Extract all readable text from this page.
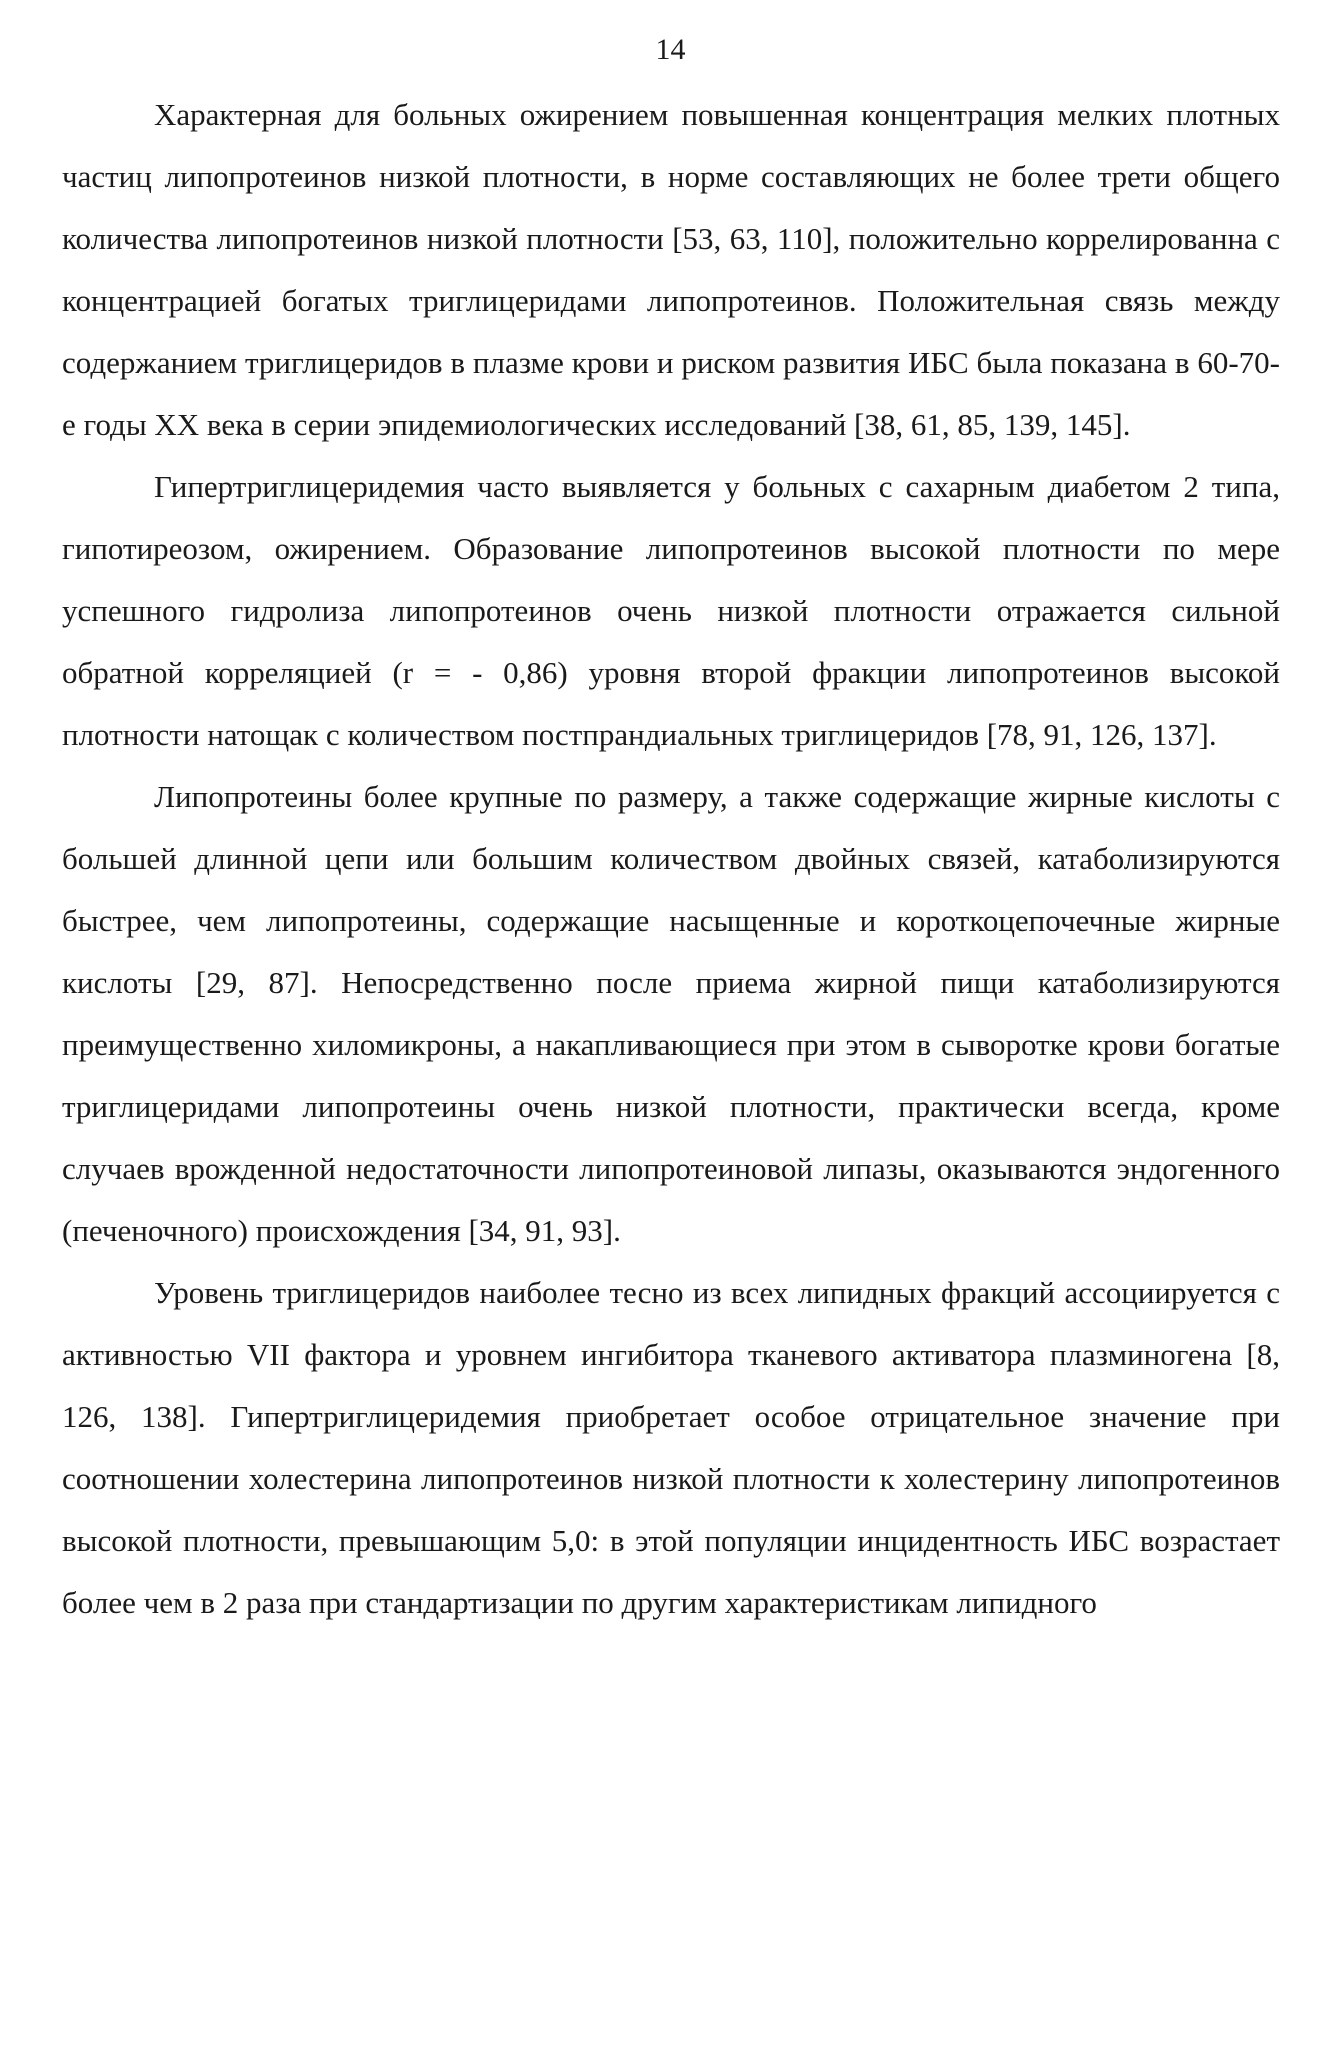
14

Характерная для больных ожирением повышенная концентрация мелких плотных частиц липопротеинов низкой плотности, в норме составляющих не более трети общего количества липопротеинов низкой плотности [53, 63, 110], положительно коррелированна с концентрацией богатых триглицеридами липопротеинов. Положительная связь между содержанием триглицеридов в плазме крови и риском развития ИБС была показана в 60-70-е годы XX века в серии эпидемиологических исследований [38, 61, 85, 139, 145].

Гипертриглицеридемия часто выявляется у больных с сахарным диабетом 2 типа, гипотиреозом, ожирением. Образование липопротеинов высокой плотности по мере успешного гидролиза липопротеинов очень низкой плотности отражается сильной обратной корреляцией (r = - 0,86) уровня второй фракции липопротеинов высокой плотности натощак с количеством постпрандиальных триглицеридов [78, 91, 126, 137].

Липопротеины более крупные по размеру, а также содержащие жирные кислоты с большей длинной цепи или большим количеством двойных связей, катаболизируются быстрее, чем липопротеины, содержащие насыщенные и короткоцепочечные жирные кислоты [29, 87]. Непосредственно после приема жирной пищи катаболизируются преимущественно хиломикроны, а накапливающиеся при этом в сыворотке крови богатые триглицеридами липопротеины очень низкой плотности, практически всегда, кроме случаев врожденной недостаточности липопротеиновой липазы, оказываются эндогенного (печеночного) происхождения [34, 91, 93].

Уровень триглицеридов наиболее тесно из всех липидных фракций ассоциируется с активностью VII фактора и уровнем ингибитора тканевого активатора плазминогена [8, 126, 138]. Гипертриглицеридемия приобретает особое отрицательное значение при соотношении холестерина липопротеинов низкой плотности к холестерину липопротеинов высокой плотности, превышающим 5,0: в этой популяции инцидентность ИБС возрастает более чем в 2 раза при стандартизации по другим характеристикам липидного
